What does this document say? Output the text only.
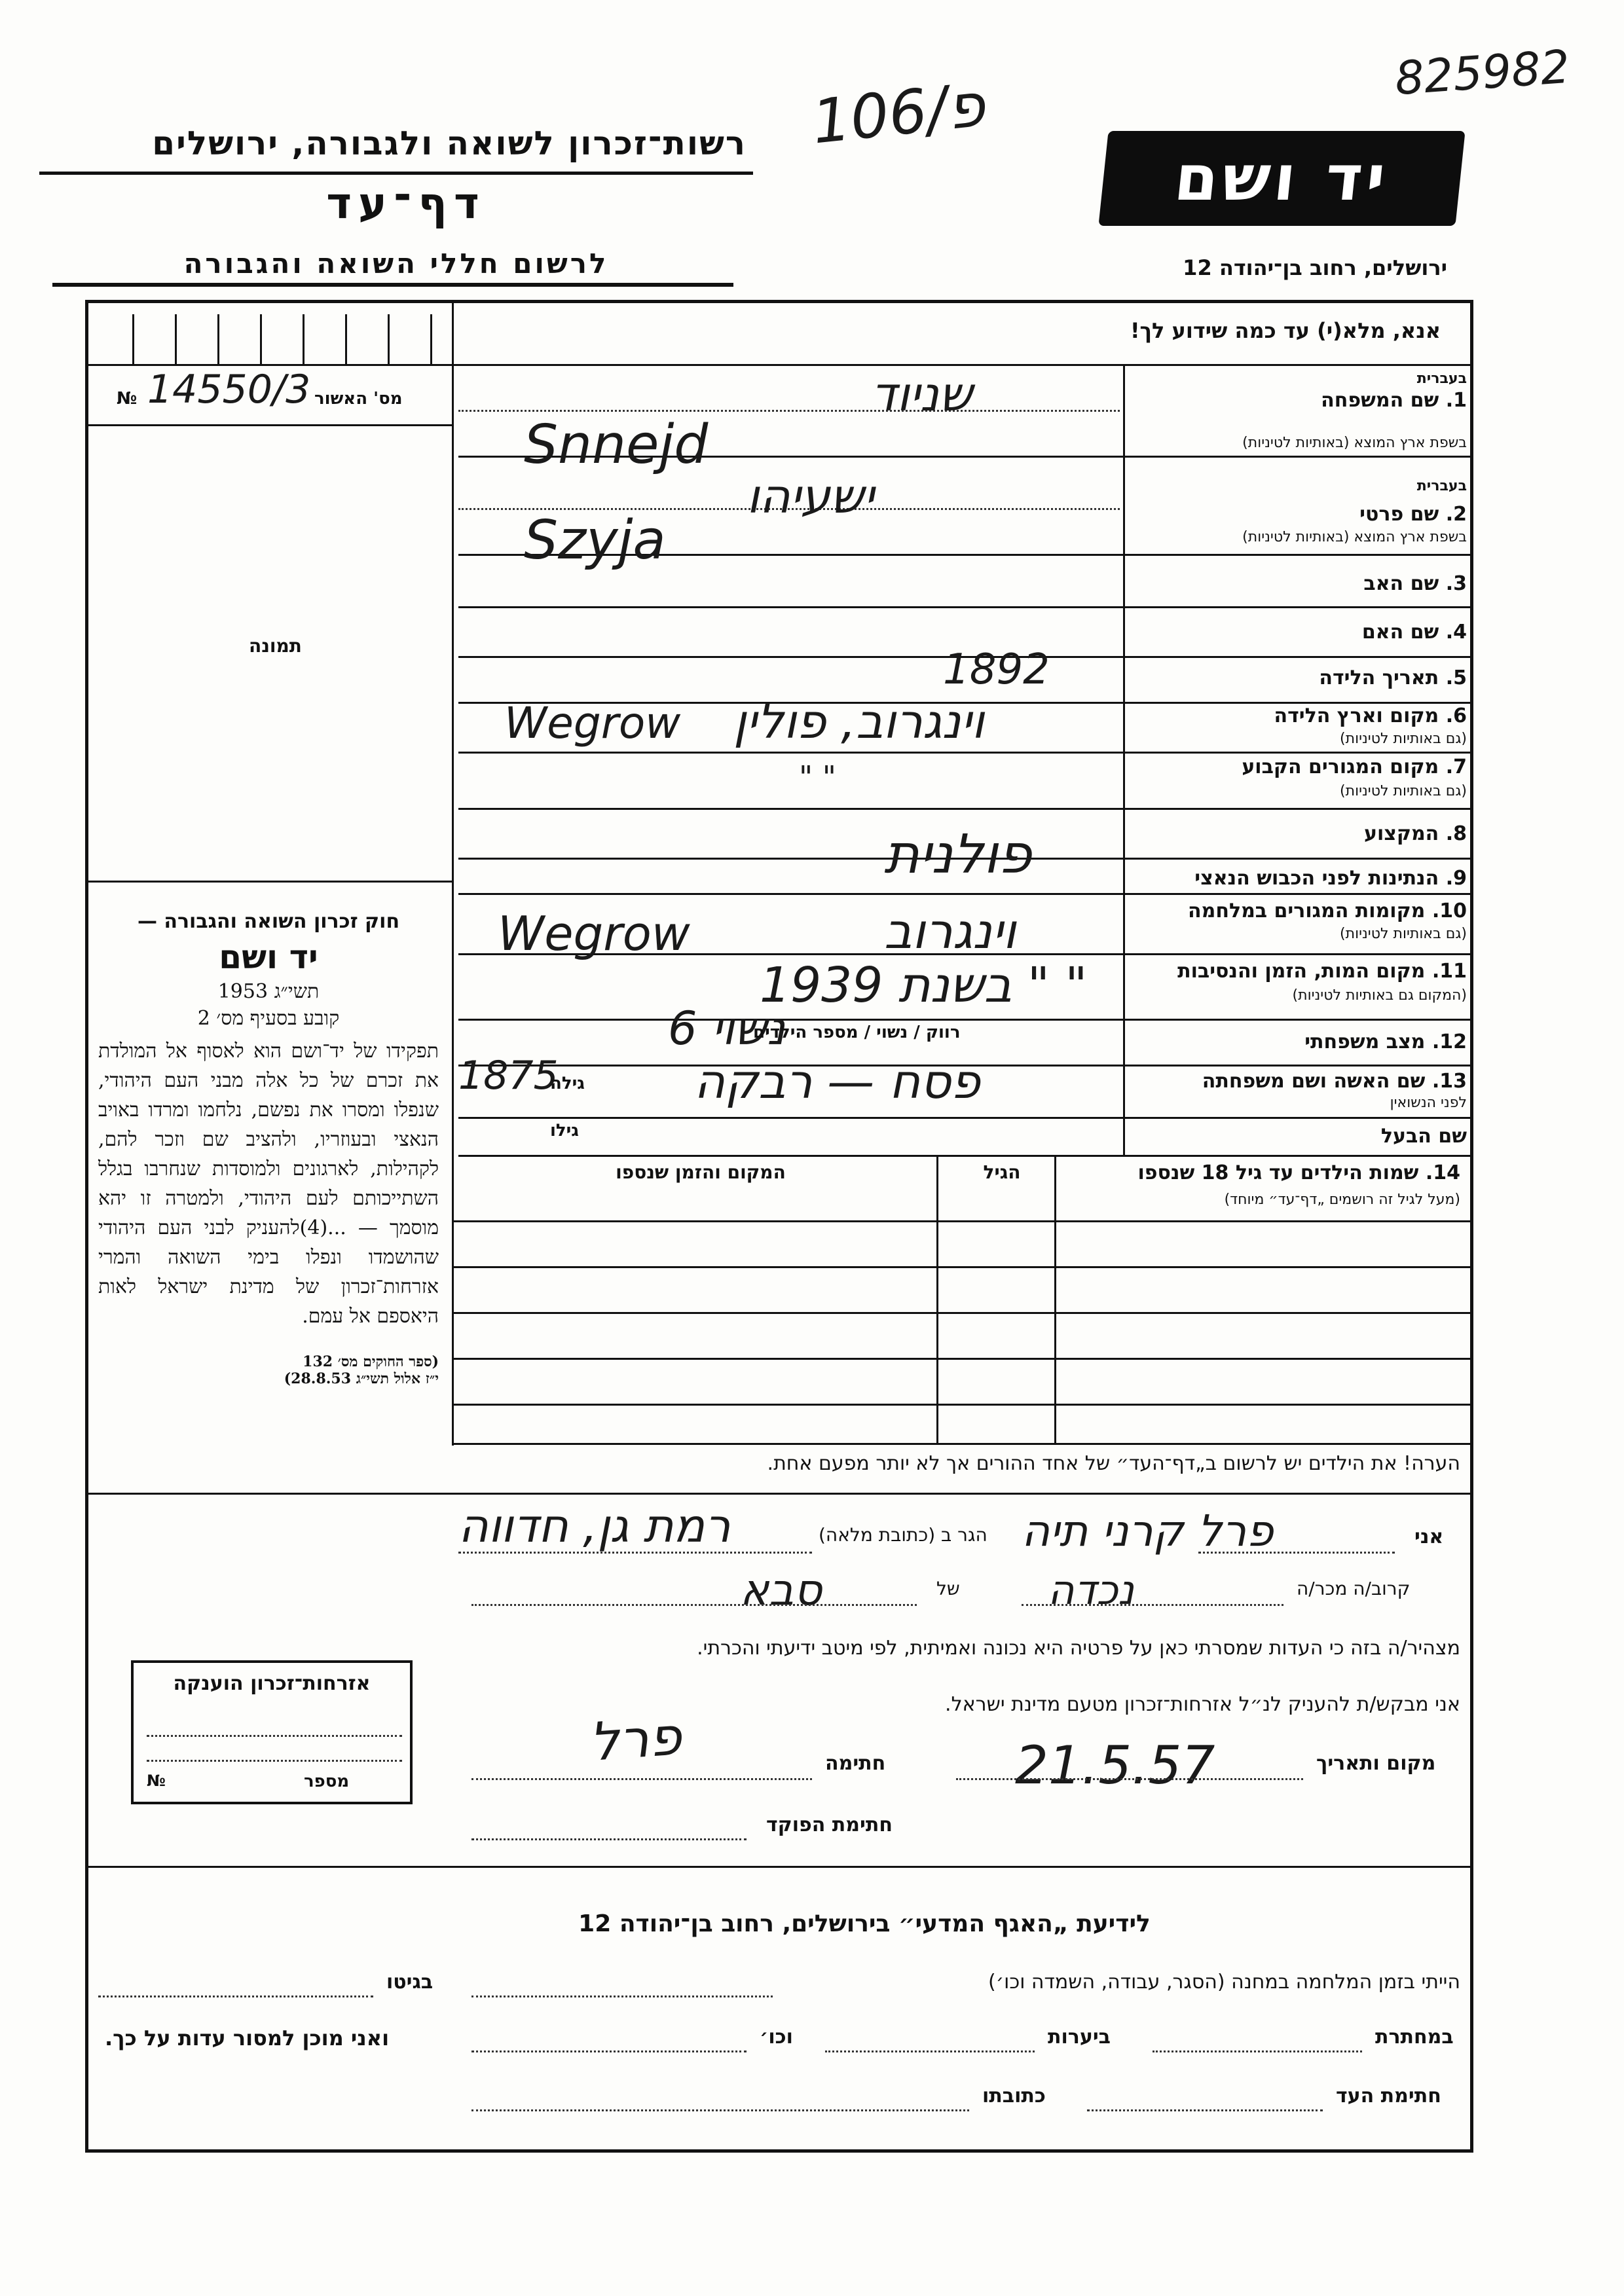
רשות־זכרון לשואה ולגבורה, ירושלים
דף־עד
לרשום חללי השואה והגבורה
106/פ	825982
יד ושם
ירושלים, רחוב בן־יהודה 12
אנא, מלא(י) עד כמה שידוע לך!
מס' האשור
№ 14550/3
תמונה
1. שם המשפחה
בעברית
בשפת ארץ המוצא (באותיות לטיניות)
2. שם פרטי
בעברית
בשפת ארץ המוצא (באותיות לטיניות)
3. שם האב
4. שם האם
5. תאריך הלידה
6. מקום וארץ הלידה
(גם באותיות לטיניות)
7. מקום המגורים הקבוע
(גם באותיות לטיניות)
8. המקצוע
9. הנתינות לפני הכבוש הנאצי
10. מקומות המגורים במלחמה
(גם באותיות לטיניות)
11. מקום המות, הזמן והנסיבות
(המקום גם באותיות לטיניות)
12. מצב משפחתי
13. שם האשה ושם משפחתה
לפני הנשואין
שם הבעל
שניוד
Snnejd
ישעיהו
Szyja
1892
וינגרוב, פולין
Wegrow
" "
פולנית
וינגרוב
Wegrow
" " בשנת 1939
נשוי 6
רווק / נשוי / מספר הילדים
פסח — רבקה
1875
גילה
גילו
14. שמות הילדים עד גיל 18 שנספו
(מעל לגיל זה רושמים „דף־עד״ מיוחד)
הגיל
המקום והזמן שנספו

חוק זכרון השואה והגבורה —

יד ושם

תשי״ג 1953

קובע בסעיף מס׳ 2

תפקידו של יד־ושם הוא לאסוף אל המולדת את זכרם של כל אלה מבני העם היהודי, שנפלו ומסרו את נפשם, נלחמו ומרדו באויב הנאצי ובעוזריו, ולהציב שם וזכר להם, לקהילות, לארגונים ולמוסדות שנחרבו בגלל השתייכותם לעם היהודי, ולמטרה זו יהא מוסמך — ...(4)להעניק לבני העם היהודי שהושמדו ונפלו בימי השואה והמרי אזרחות־זכרון של מדינת ישראל לאות היאספם אל עמם.

(ספר החוקים מס׳ 132

י״ז אלול תשי״ג 28.8.53)

הערה! את הילדים יש לרשום ב„דף־העד״ של אחד ההורים אך לא יותר מפעם אחת.
אני
פרל קרני תיה
הגר ב (כתובת מלאה)
רמת גן, חדווה
קרוב/ה מכר/ה
נכדה
של
סבא
מצהיר/ה בזה כי העדות שמסרתי כאן על פרטיה היא נכונה ואמיתית, לפי מיטב ידיעתי והכרתי.
אני מבקש/ת להעניק לנ״ל אזרחות־זכרון מטעם מדינת ישראל.
מקום ותאריך
21.5.57
חתימה
פרל
חתימת הפוקד
אזרחות־זכרון הוענקה
מספר
№
לידיעת „האגף המדעי״ בירושלים, רחוב בן־יהודה 12
הייתי בזמן המלחמה במחנה (הסגר, עבודה, השמדה וכו׳)
בגיטו
במחתרת
ביערות
וכו׳
ואני מוכן למסור עדות על כך.
חתימת העד
כתובתו
